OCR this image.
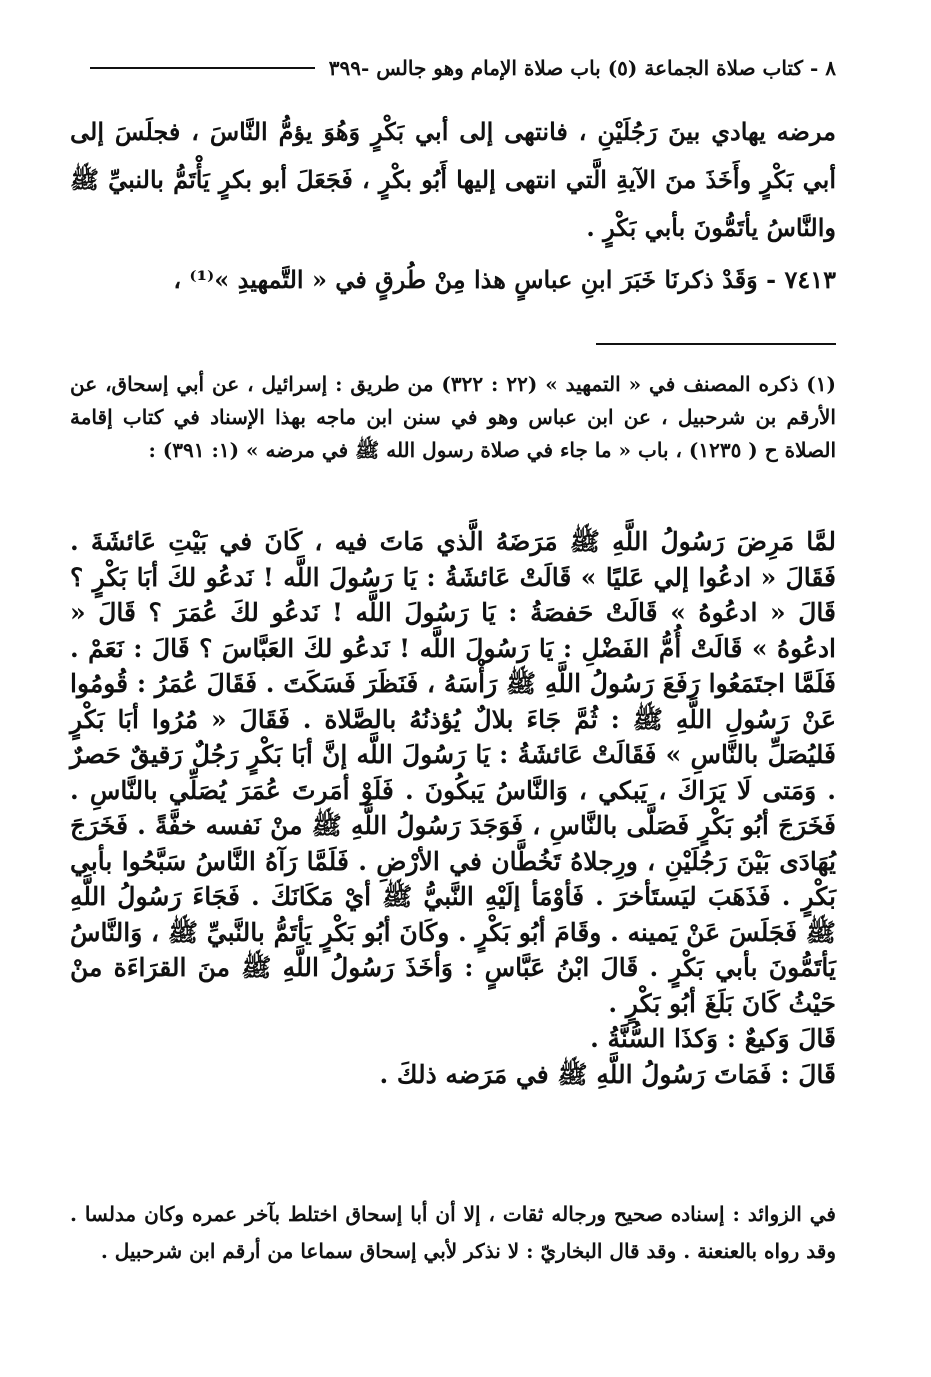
٨ - كتاب صلاة الجماعة (٥) باب صلاة الإمام وهو جالس -٣٩٩

مرضه يهادي بينَ رَجُلَيْنِ ، فانتهى إلى أبي بَكْرٍ وَهُوَ يؤمُّ النَّاسَ ، فجلَسَ إلى أبي بَكْرٍ وأَخَذَ منَ الآيةِ الَّتي انتهى إليها أَبُو بكْرٍ ، فَجَعَلَ أبو بكرٍ يَأْتَمُّ بالنبيِّ ﷺ والنَّاسُ يأتَمُّونَ بأبي بَكْرٍ .

٧٤١٣ - وَقَدْ ذكرنَا خَبَرَ ابنِ عباسٍ هذا مِنْ طُرقٍ في « التَّمهيدِ »⁽¹⁾ ،

(١) ذكره المصنف في « التمهيد » (٢٢ : ٣٢٢) من طريق : إسرائيل ، عن أبي إسحاق، عن الأرقم بن شرحبيل ، عن ابن عباس وهو في سنن ابن ماجه بهذا الإسناد في كتاب إقامة الصلاة ح ( ١٢٣٥) ، باب « ما جاء في صلاة رسول الله ﷺ في مرضه » (١: ٣٩١) :

لمَّا مَرِضَ رَسُولُ اللَّهِ ﷺ مَرَضَهُ الَّذي مَاتَ فيه ، كَانَ في بَيْتِ عَائشَةَ . فَقَالَ « ادعُوا إلي عَليًا » قَالَتْ عَائشَةُ : يَا رَسُولَ اللَّه ! نَدعُو لكَ أبَا بَكْرٍ ؟ قَالَ « ادعُوهُ » قَالَتْ حَفصَةُ : يَا رَسُولَ اللَّه ! نَدعُو لكَ عُمَرَ ؟ قَالَ « ادعُوهُ » قَالَتْ أُمُّ الفَضْلِ : يَا رَسُولَ اللَّه ! نَدعُو لكَ العَبَّاسَ ؟ قَالَ : نَعَمْ . فَلَمَّا اجتَمَعُوا رَفَعَ رَسُولُ اللَّهِ ﷺ رَأْسَهُ ، فَنَظَرَ فَسَكَتَ . فَقَالَ عُمَرُ : قُومُوا عَنْ رَسُولِ اللَّهِ ﷺ : ثُمَّ جَاءَ بلالٌ يُؤذنُهُ بالصَّلاة . فَقَالَ « مُرُوا أبَا بَكْرٍ فَليُصَلِّ بالنَّاسِ » فَقَالَتْ عَائشَةُ : يَا رَسُولَ اللَّه إنَّ أبَا بَكْرٍ رَجُلٌ رَقيقٌ حَصرٌ . وَمَتى لَا يَرَاكَ ، يَبكي ، وَالنَّاسُ يَبكُونَ . فَلَوْ أمَرتَ عُمَرَ يُصَلِّي بالنَّاسِ . فَخَرَجَ أبُو بَكْرٍ فَصَلَّى بالنَّاسِ ، فَوَجَدَ رَسُولُ اللَّهِ ﷺ منْ نَفسه خفَّةً . فَخَرَجَ يُهَادَى بَيْنَ رَجُلَيْنِ ، ورِجلاهُ تَخُطَّان في الأرْضِ . فَلَمَّا رَآهُ النَّاسُ سَبَّحُوا بأبي بَكْرٍ . فَذَهَبَ ليَستَأخرَ . فَأوْمَأ إلَيْهِ النَّبيُّ ﷺ أيْ مَكَانَكَ . فَجَاءَ رَسُولُ اللَّهِ ﷺ فَجَلَسَ عَنْ يَمينه . وقَامَ أبُو بَكْرٍ . وكَانَ أبُو بَكْرٍ يَأتَمُّ بالنَّبيِّ ﷺ ، وَالنَّاسُ يَأتَمُّونَ بأبي بَكْرٍ . قَالَ ابْنُ عَبَّاسٍ : وَأخَذَ رَسُولُ اللَّهِ ﷺ منَ القرَاءَة منْ حَيْثُ كَانَ بَلَغَ أبُو بَكْرٍ .

قَالَ وَكيعٌ : وَكذَا السُّنَّةُ .

قَالَ : فَمَاتَ رَسُولُ اللَّهِ ﷺ في مَرَضه ذلكَ .

في الزوائد : إسناده صحيح ورجاله ثقات ، إلا أن أبا إسحاق اختلط بآخر عمره وكان مدلسا . وقد رواه بالعنعنة . وقد قال البخاريّ : لا نذكر لأبي إسحاق سماعا من أرقم ابن شرحبيل .
